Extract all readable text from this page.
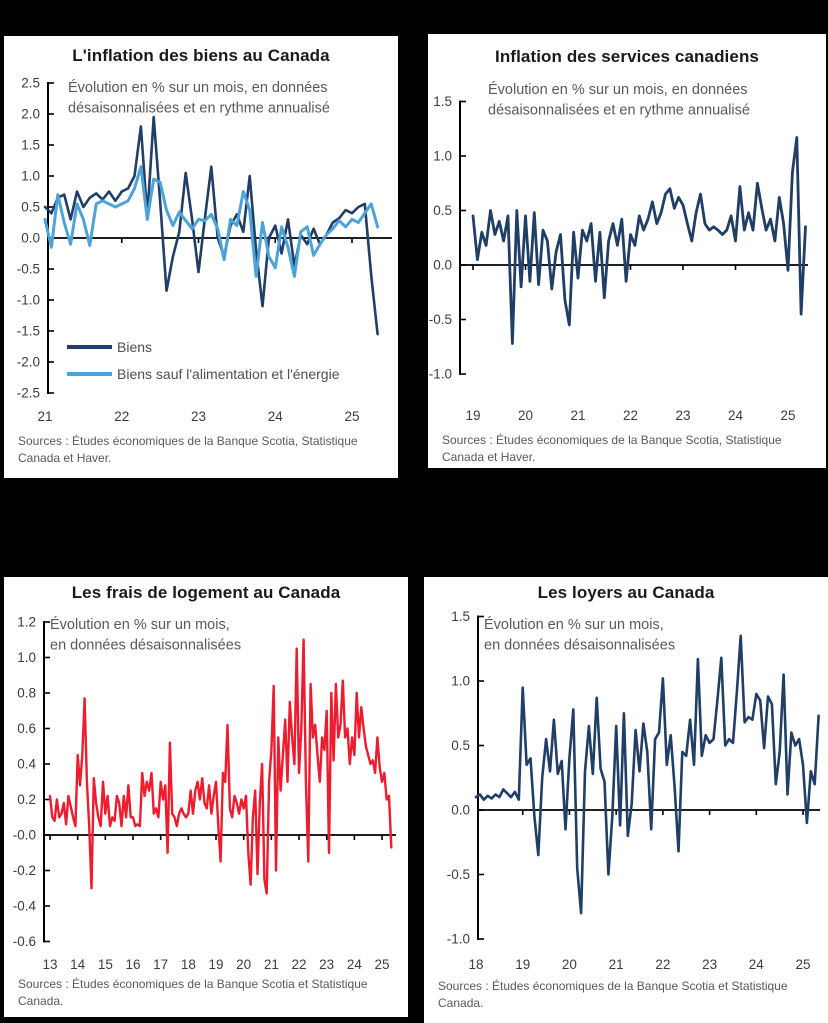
L'inflation des biens au Canada
2.5
2.0
1.5
1.0
0.5
0.0
-0.5
-1.0
-1.5
-2.0
-2.5
21	22	23	24	25
Évolution en % sur un mois, en données
désaisonnalisées et en rythme annualisé
Biens
Biens sauf l'alimentation et l'énergie

Sources : Études économiques de la Banque Scotia, Statistique Canada et Haver.

Inflation des services canadiens
1.5
1.0
0.5
0.0
-0.5
-1.0
19	20	21	22	23	24	25
Évolution en % sur un mois, en données
désaisonnalisées et en rythme annualisé

Sources : Études économiques de la Banque Scotia, Statistique Canada et Haver.

Les frais de logement au Canada
1.2
1.0
0.8
0.6
0.4
0.2
-0.0
-0.2
-0.4
-0.6
13 14 15 16 17 18 19 20 21 22 23 24 25
Évolution en % sur un mois,
en données désaisonnalisées

Sources : Études économiques de la Banque Scotia et Statistique Canada.

Les loyers au Canada
1.5
1.0
0.5
0.0
-0.5
-1.0
18 19 20 21 22 23 24 25
Évolution en % sur un mois,
en données désaisonnalisées

Sources : Études économiques de la Banque Scotia et Statistique Canada.
